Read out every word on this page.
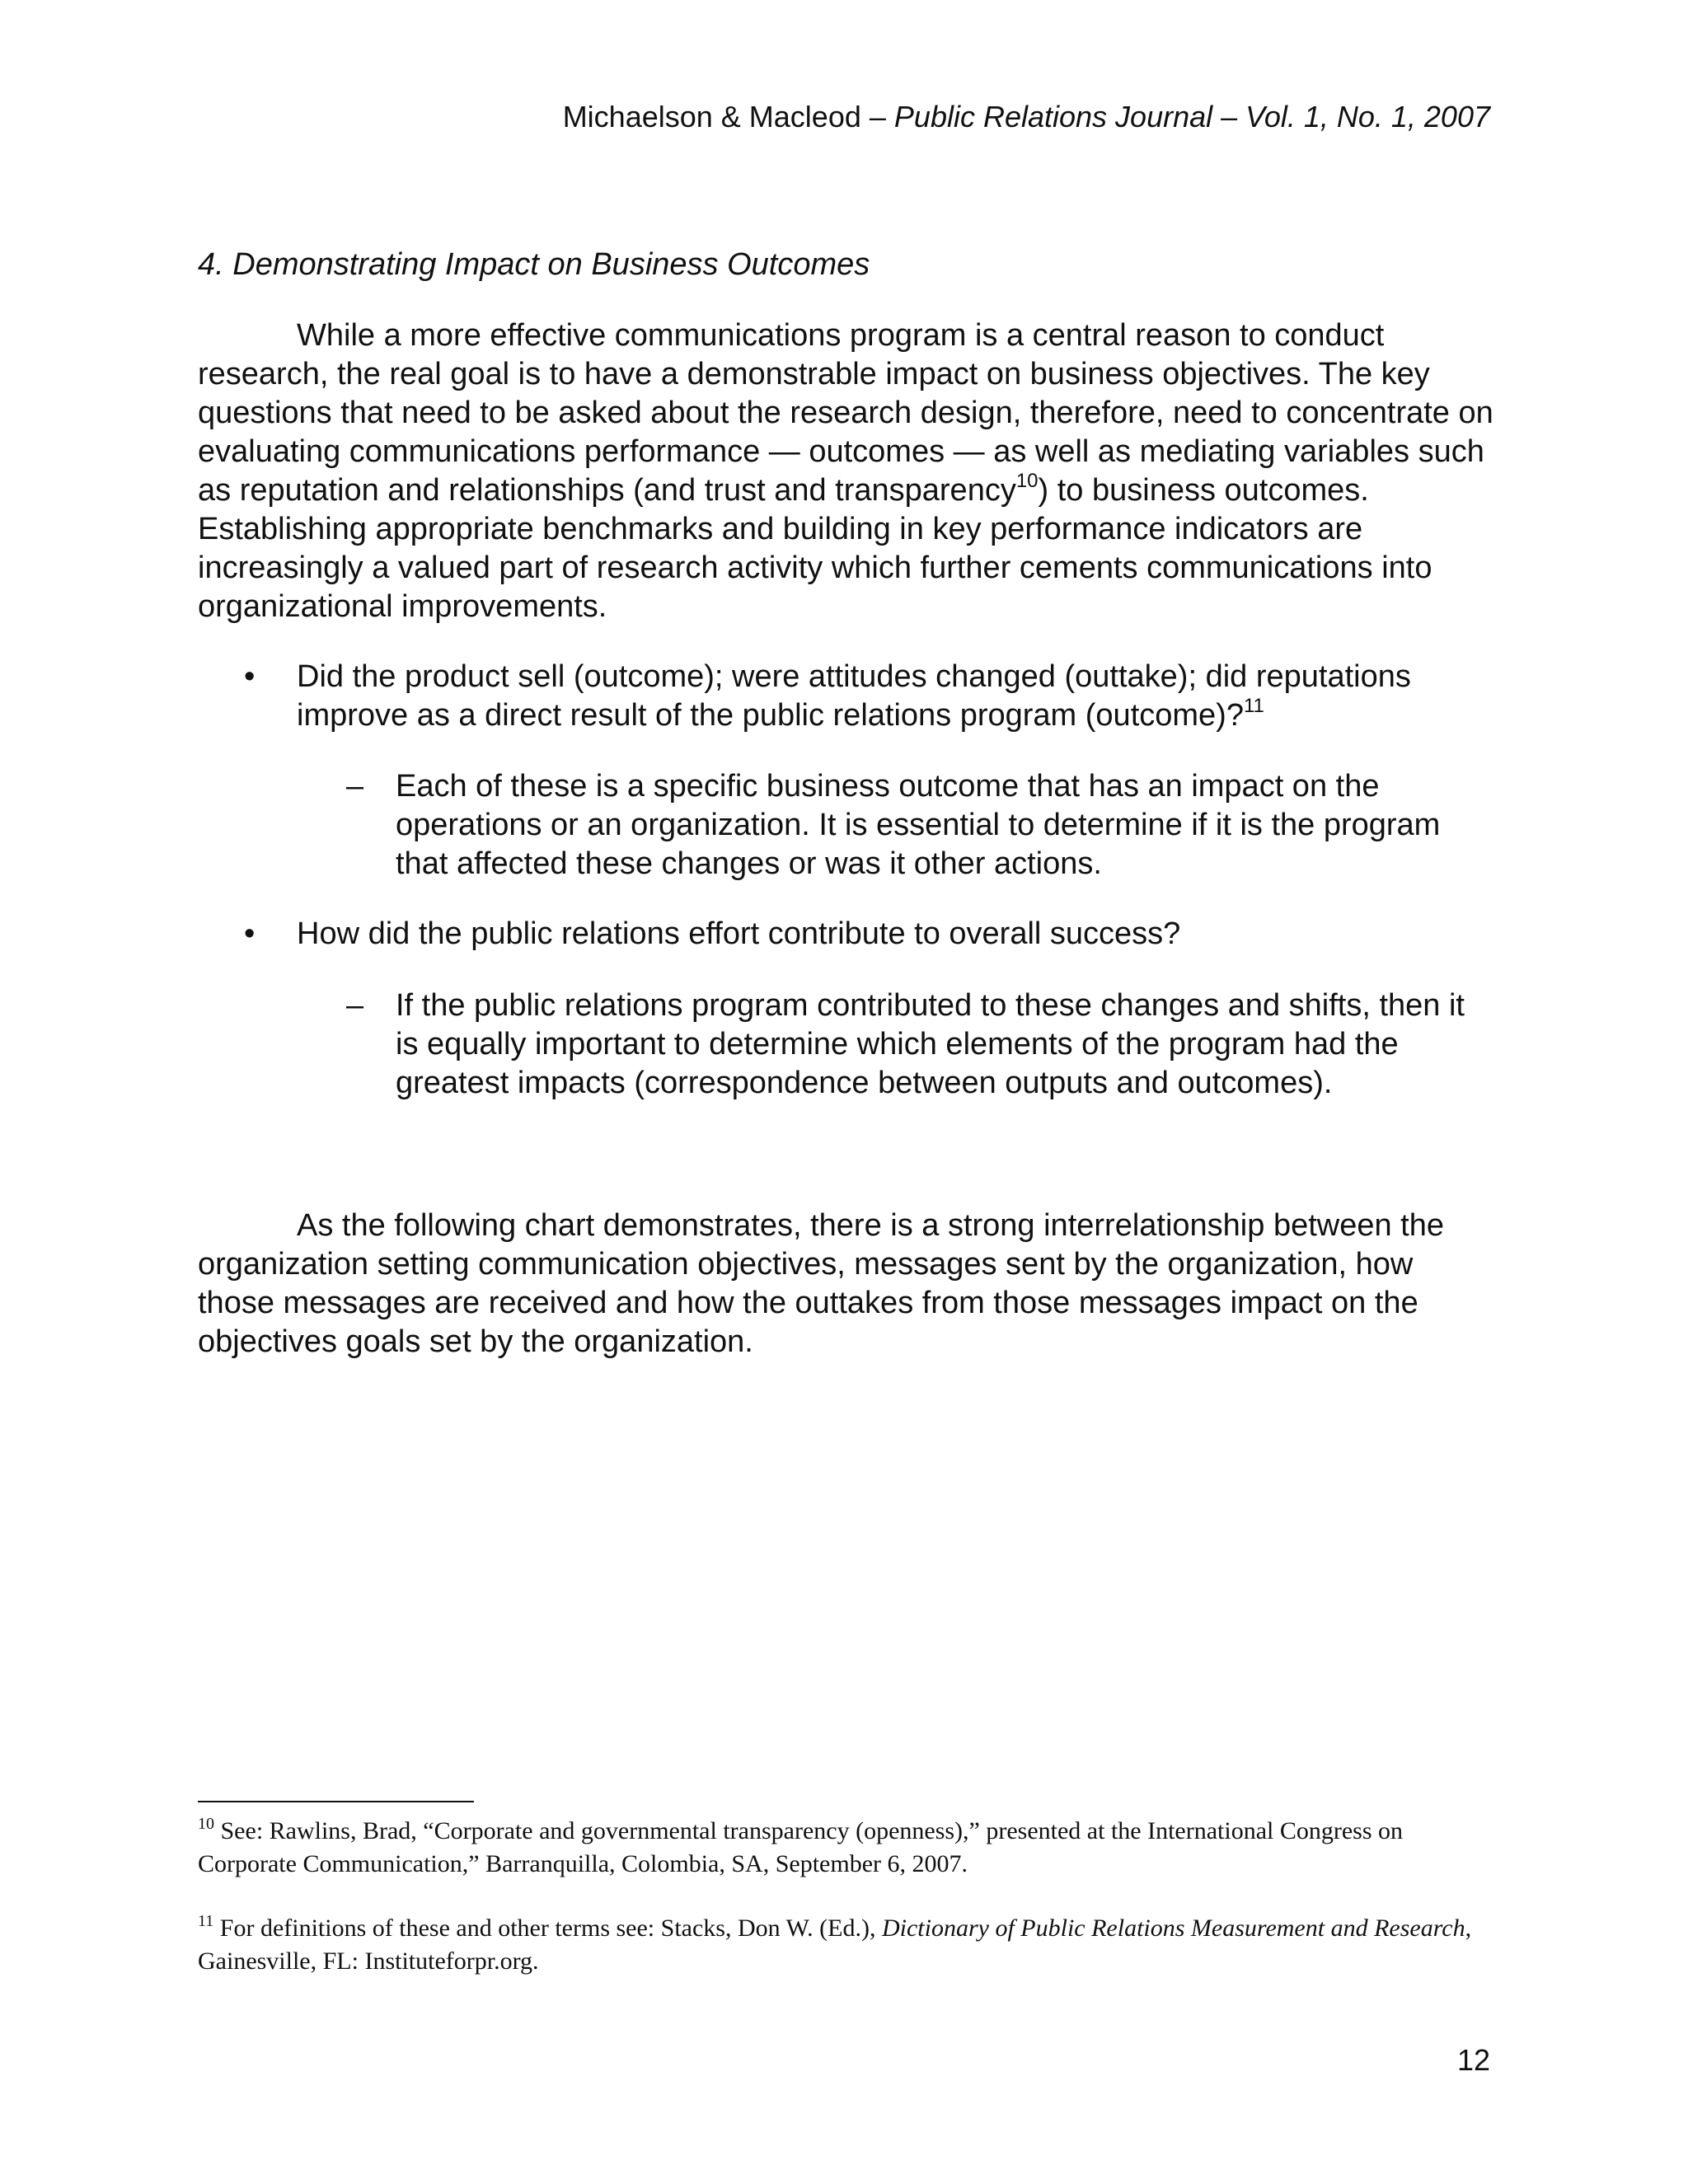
Michaelson & Macleod – Public Relations Journal – Vol. 1, No. 1, 2007
4. Demonstrating Impact on Business Outcomes

While a more effective communications program is a central reason to conduct research, the real goal is to have a demonstrable impact on business objectives. The key questions that need to be asked about the research design, therefore, need to concentrate on evaluating communications performance — outcomes — as well as mediating variables such as reputation and relationships (and trust and transparency$^{10}$) to business outcomes. Establishing appropriate benchmarks and building in key performance indicators are increasingly a valued part of research activity which further cements communications into organizational improvements.

• Did the product sell (outcome); were attitudes changed (outtake); did reputations improve as a direct result of the public relations program (outcome)?$^{11}$
– Each of these is a specific business outcome that has an impact on the operations or an organization. It is essential to determine if it is the program that affected these changes or was it other actions.
• How did the public relations effort contribute to overall success?
– If the public relations program contributed to these changes and shifts, then it is equally important to determine which elements of the program had the greatest impacts (correspondence between outputs and outcomes).

As the following chart demonstrates, there is a strong interrelationship between the organization setting communication objectives, messages sent by the organization, how those messages are received and how the outtakes from those messages impact on the objectives goals set by the organization.

$^{10}$ See: Rawlins, Brad, “Corporate and governmental transparency (openness),” presented at the International Congress on Corporate Communication,” Barranquilla, Colombia, SA, September 6, 2007.
$^{11}$ For definitions of these and other terms see: Stacks, Don W. (Ed.), Dictionary of Public Relations Measurement and Research, Gainesville, FL: Instituteforpr.org.
12
